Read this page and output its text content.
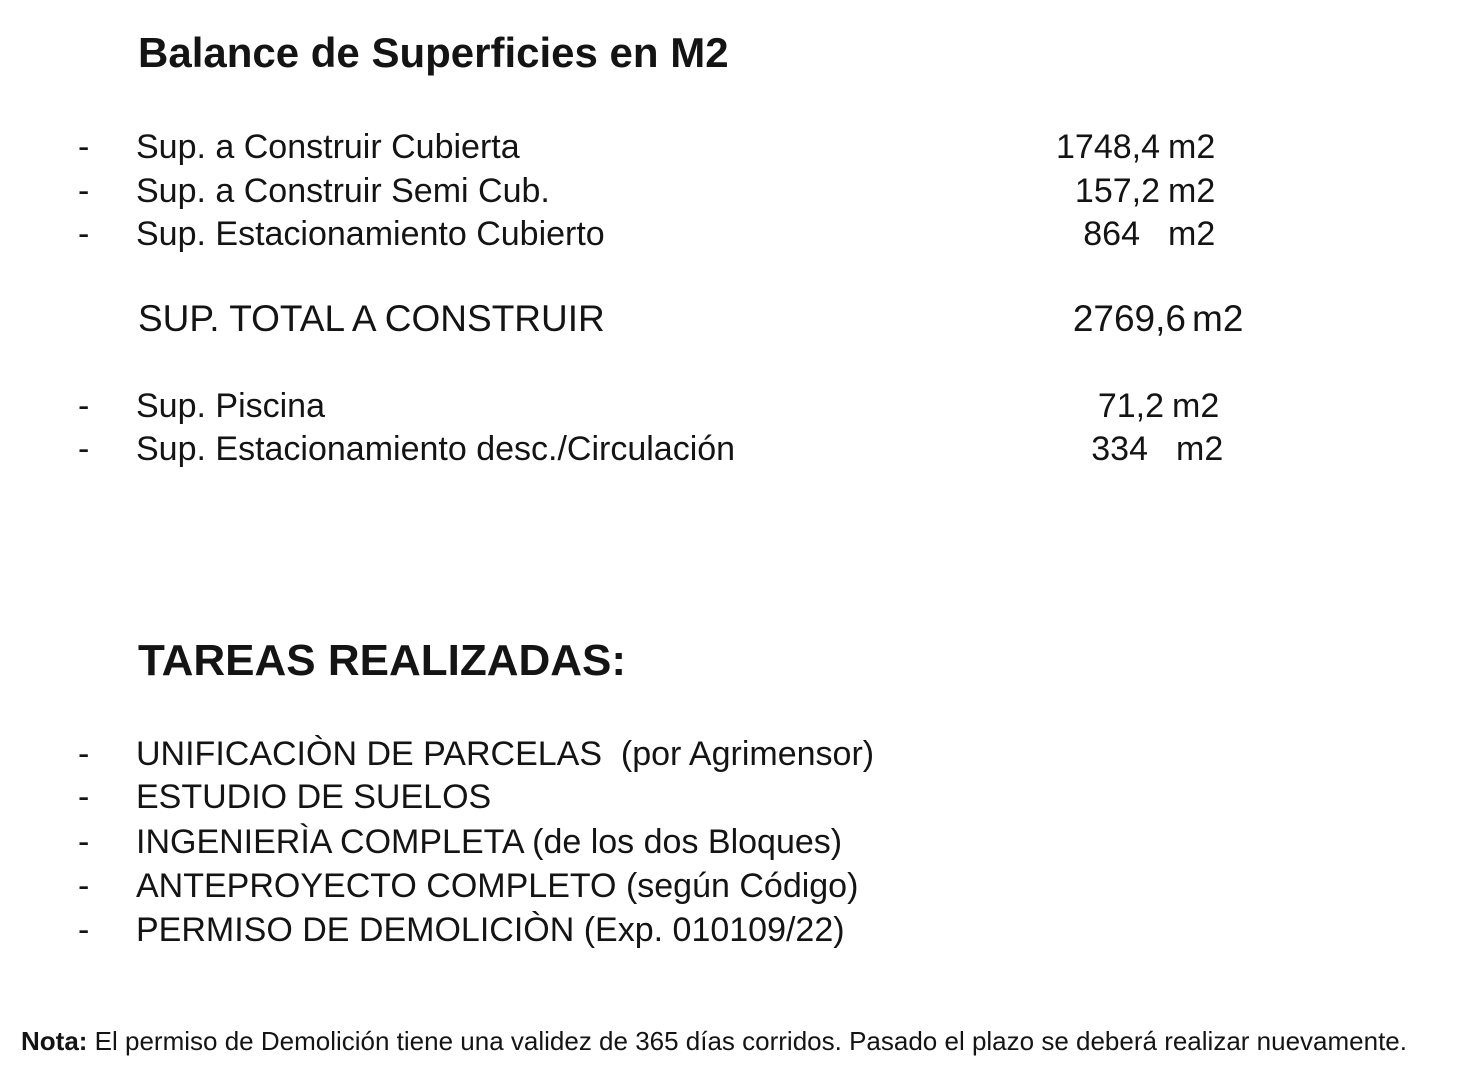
Balance de Superficies en M2
- Sup. a Construir Cubierta	1748,4 m2
- Sup. a Construir Semi Cub.	157,2 m2
- Sup. Estacionamiento Cubierto	864 m2
SUP. TOTAL A CONSTRUIR	2769,6 m2
- Sup. Piscina	71,2 m2
- Sup. Estacionamiento desc./Circulación	334 m2
TAREAS REALIZADAS:
- UNIFICACIÒN DE PARCELAS  (por Agrimensor)
- ESTUDIO DE SUELOS
- INGENIERÌA COMPLETA (de los dos Bloques)
- ANTEPROYECTO COMPLETO (según Código)
- PERMISO DE DEMOLICIÒN (Exp. 010109/22)
Nota: El permiso de Demolición tiene una validez de 365 días corridos. Pasado el plazo se deberá realizar nuevamente.
